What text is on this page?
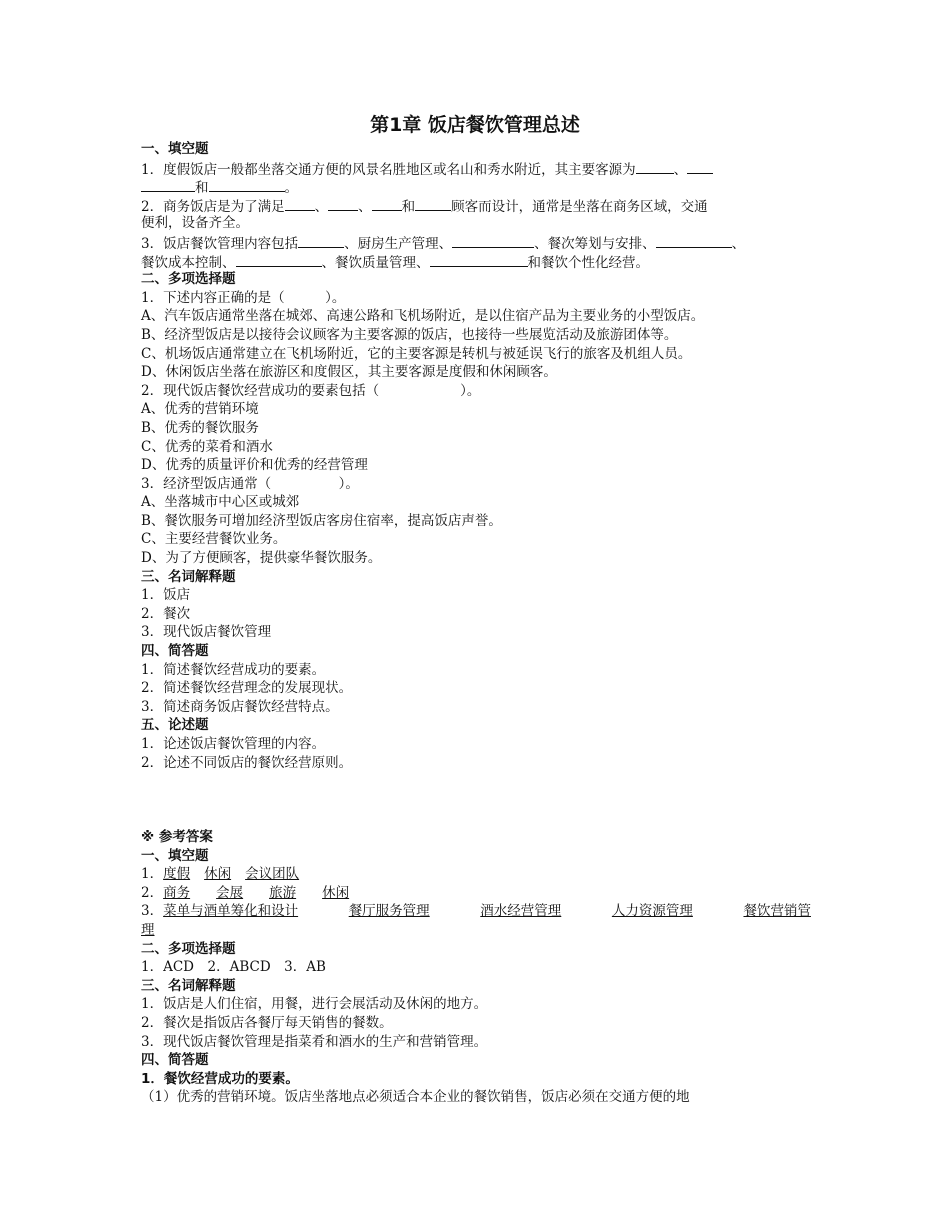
第1章 饭店餐饮管理总述
一、填空题
1．度假饭店一般都坐落交通方便的风景名胜地区或名山和秀水附近，其主要客源为	、
和	。
2．商务饭店是为了满足 、 、 和	顾客而设计，通常是坐落在商务区域，交通
便利，设备齐全。
3．饭店餐饮管理内容包括	、厨房生产管理、	、餐次筹划与安排、	、
餐饮成本控制、	、餐饮质量管理、	和餐饮个性化经营。
二、多项选择题
1．下述内容正确的是（　　　）。
A、汽车饭店通常坐落在城郊、高速公路和飞机场附近，是以住宿产品为主要业务的小型饭店。
B、经济型饭店是以接待会议顾客为主要客源的饭店，也接待一些展览活动及旅游团体等。
C、机场饭店通常建立在飞机场附近，它的主要客源是转机与被延误飞行的旅客及机组人员。
D、休闲饭店坐落在旅游区和度假区，其主要客源是度假和休闲顾客。
2．现代饭店餐饮经营成功的要素包括（　　　　　　）。
A、优秀的营销环境
B、优秀的餐饮服务
C、优秀的菜肴和酒水
D、优秀的质量评价和优秀的经营管理
3．经济型饭店通常（　　　　　）。
A、坐落城市中心区或城郊
B、餐饮服务可增加经济型饭店客房住宿率，提高饭店声誉。
C、主要经营餐饮业务。
D、为了方便顾客，提供豪华餐饮服务。
三、名词解释题
1．饭店
2．餐次
3．现代饭店餐饮管理
四、简答题
1．简述餐饮经营成功的要素。
2．简述餐饮经营理念的发展现状。
3．简述商务饭店餐饮经营特点。
五、论述题
1．论述饭店餐饮管理的内容。
2．论述不同饭店的餐饮经营原则。
※ 参考答案
一、填空题
1．度假 休闲 会议团队
2．商务 会展 旅游 休闲
3．菜单与酒单筹化和设计	餐厅服务管理	酒水经营管理	人力资源管理	餐饮营销管
理
二、多项选择题
1．ACD　2．ABCD　3．AB
三、名词解释题
1．饭店是人们住宿，用餐，进行会展活动及休闲的地方。
2．餐次是指饭店各餐厅每天销售的餐数。
3．现代饭店餐饮管理是指菜肴和酒水的生产和营销管理。
四、简答题
1．餐饮经营成功的要素。
（1）优秀的营销环境。饭店坐落地点必须适合本企业的餐饮销售，饭店必须在交通方便的地
